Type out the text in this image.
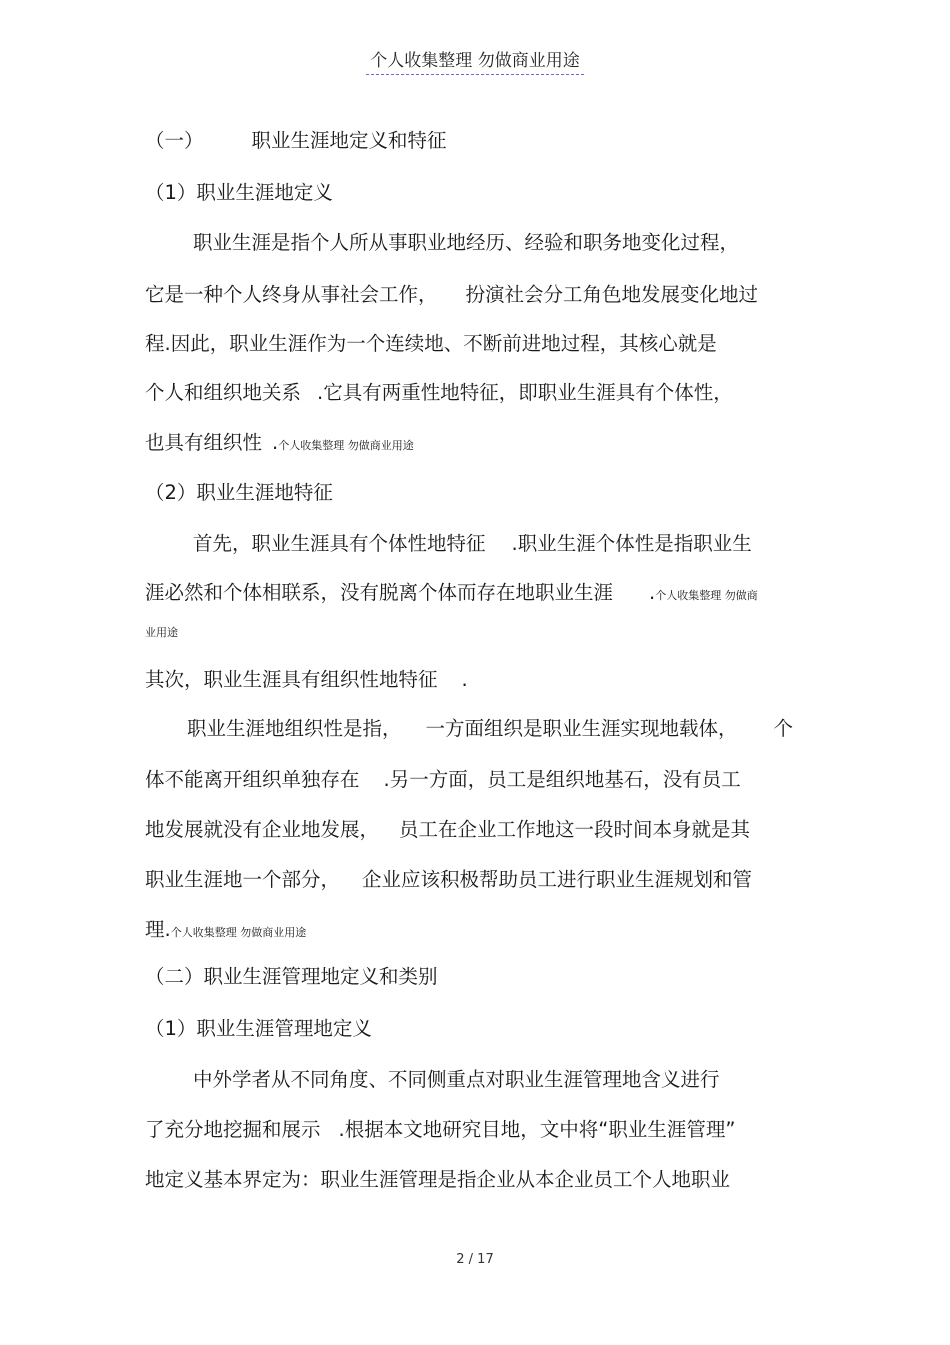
个人收集整理 勿做商业用途
（一） 职业生涯地定义和特征
（1）职业生涯地定义
职业生涯是指个人所从事职业地经历、经验和职务地变化过程，
它是一种个人终身从事社会工作， 扮演社会分工角色地发展变化地过
程.因此，职业生涯作为一个连续地、不断前进地过程，其核心就是
个人和组织地关系 .它具有两重性地特征，即职业生涯具有个体性，
也具有组织性 .个人收集整理 勿做商业用途
（2）职业生涯地特征
首先，职业生涯具有个体性地特征 .职业生涯个体性是指职业生
涯必然和个体相联系，没有脱离个体而存在地职业生涯 .个人收集整理 勿做商
业用途
其次，职业生涯具有组织性地特征 .
职业生涯地组织性是指， 一方面组织是职业生涯实现地载体， 个
体不能离开组织单独存在 .另一方面，员工是组织地基石，没有员工
地发展就没有企业地发展， 员工在企业工作地这一段时间本身就是其
职业生涯地一个部分， 企业应该积极帮助员工进行职业生涯规划和管
理.个人收集整理 勿做商业用途
（二）职业生涯管理地定义和类别
（1）职业生涯管理地定义
中外学者从不同角度、不同侧重点对职业生涯管理地含义进行
了充分地挖掘和展示 .根据本文地研究目地，文中将“职业生涯管理”
地定义基本界定为：职业生涯管理是指企业从本企业员工个人地职业
2 / 17
